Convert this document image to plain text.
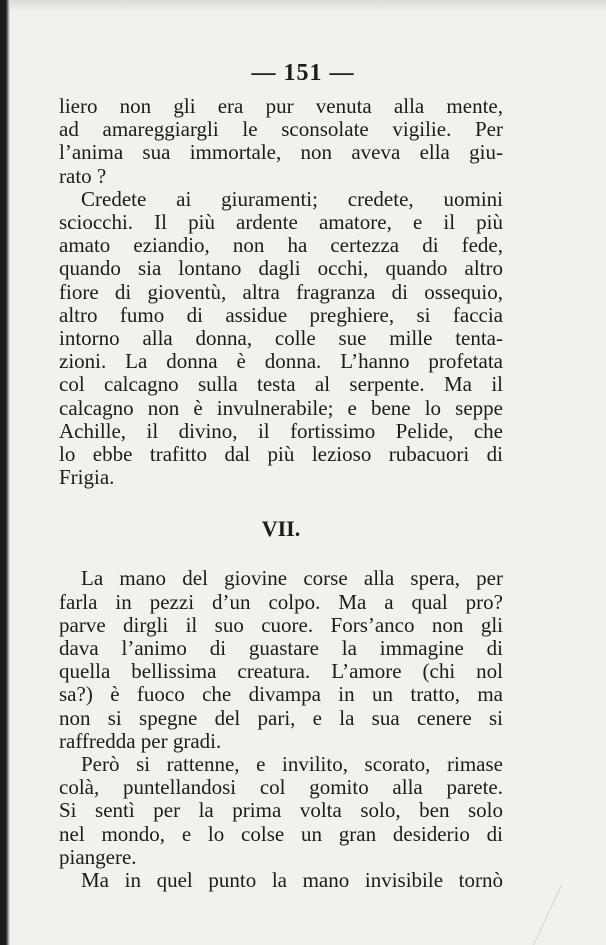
— 151 —

liero non gli era pur venuta alla mente,
ad amareggiargli le sconsolate vigilie. Per
l’anima sua immortale, non aveva ella giu-
rato ?

Credete ai giuramenti; credete, uomini
sciocchi. Il più ardente amatore, e il più
amato eziandio, non ha certezza di fede,
quando sia lontano dagli occhi, quando altro
fiore di gioventù, altra fragranza di ossequio,
altro fumo di assidue preghiere, si faccia
intorno alla donna, colle sue mille tenta-
zioni. La donna è donna. L’hanno profetata
col calcagno sulla testa al serpente. Ma il
calcagno non è invulnerabile; e bene lo seppe
Achille, il divino, il fortissimo Pelide, che
lo ebbe trafitto dal più lezioso rubacuori di
Frigia.

VII.

La mano del giovine corse alla spera, per
farla in pezzi d’un colpo. Ma a qual pro?
parve dirgli il suo cuore. Fors’anco non gli
dava l’animo di guastare la immagine di
quella bellissima creatura. L’amore (chi nol
sa?) è fuoco che divampa in un tratto, ma
non si spegne del pari, e la sua cenere si
raffredda per gradi.

Però si rattenne, e invilito, scorato, rimase
colà, puntellandosi col gomito alla parete.
Si sentì per la prima volta solo, ben solo
nel mondo, e lo colse un gran desiderio di
piangere.

Ma in quel punto la mano invisibile tornò
